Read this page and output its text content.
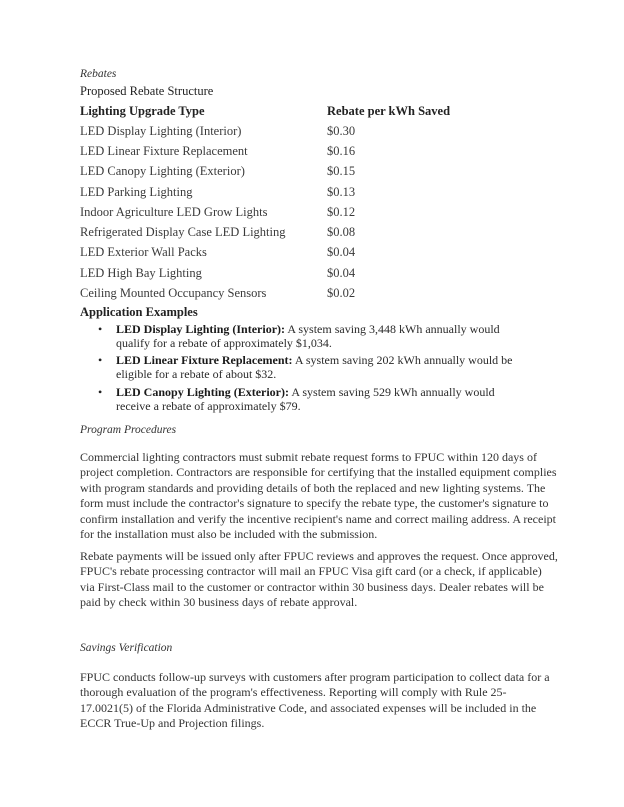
Rebates
Proposed Rebate Structure
Lighting Upgrade Type	Rebate per kWh Saved
LED Display Lighting (Interior)	$0.30
LED Linear Fixture Replacement	$0.16
LED Canopy Lighting (Exterior)	$0.15
LED Parking Lighting	$0.13
Indoor Agriculture LED Grow Lights	$0.12
Refrigerated Display Case LED Lighting	$0.08
LED Exterior Wall Packs	$0.04
LED High Bay Lighting	$0.04
Ceiling Mounted Occupancy Sensors	$0.02
Application Examples
• LED Display Lighting (Interior): A system saving 3,448 kWh annually would
qualify for a rebate of approximately $1,034.
• LED Linear Fixture Replacement: A system saving 202 kWh annually would be
eligible for a rebate of about $32.
• LED Canopy Lighting (Exterior): A system saving 529 kWh annually would
receive a rebate of approximately $79.
Program Procedures
Commercial lighting contractors must submit rebate request forms to FPUC within 120 days of
project completion. Contractors are responsible for certifying that the installed equipment complies
with program standards and providing details of both the replaced and new lighting systems. The
form must include the contractor's signature to specify the rebate type, the customer's signature to
confirm installation and verify the incentive recipient's name and correct mailing address. A receipt
for the installation must also be included with the submission.
Rebate payments will be issued only after FPUC reviews and approves the request. Once approved,
FPUC's rebate processing contractor will mail an FPUC Visa gift card (or a check, if applicable)
via First-Class mail to the customer or contractor within 30 business days. Dealer rebates will be
paid by check within 30 business days of rebate approval.
Savings Verification
FPUC conducts follow-up surveys with customers after program participation to collect data for a
thorough evaluation of the program's effectiveness. Reporting will comply with Rule 25-
17.0021(5) of the Florida Administrative Code, and associated expenses will be included in the
ECCR True-Up and Projection filings.
